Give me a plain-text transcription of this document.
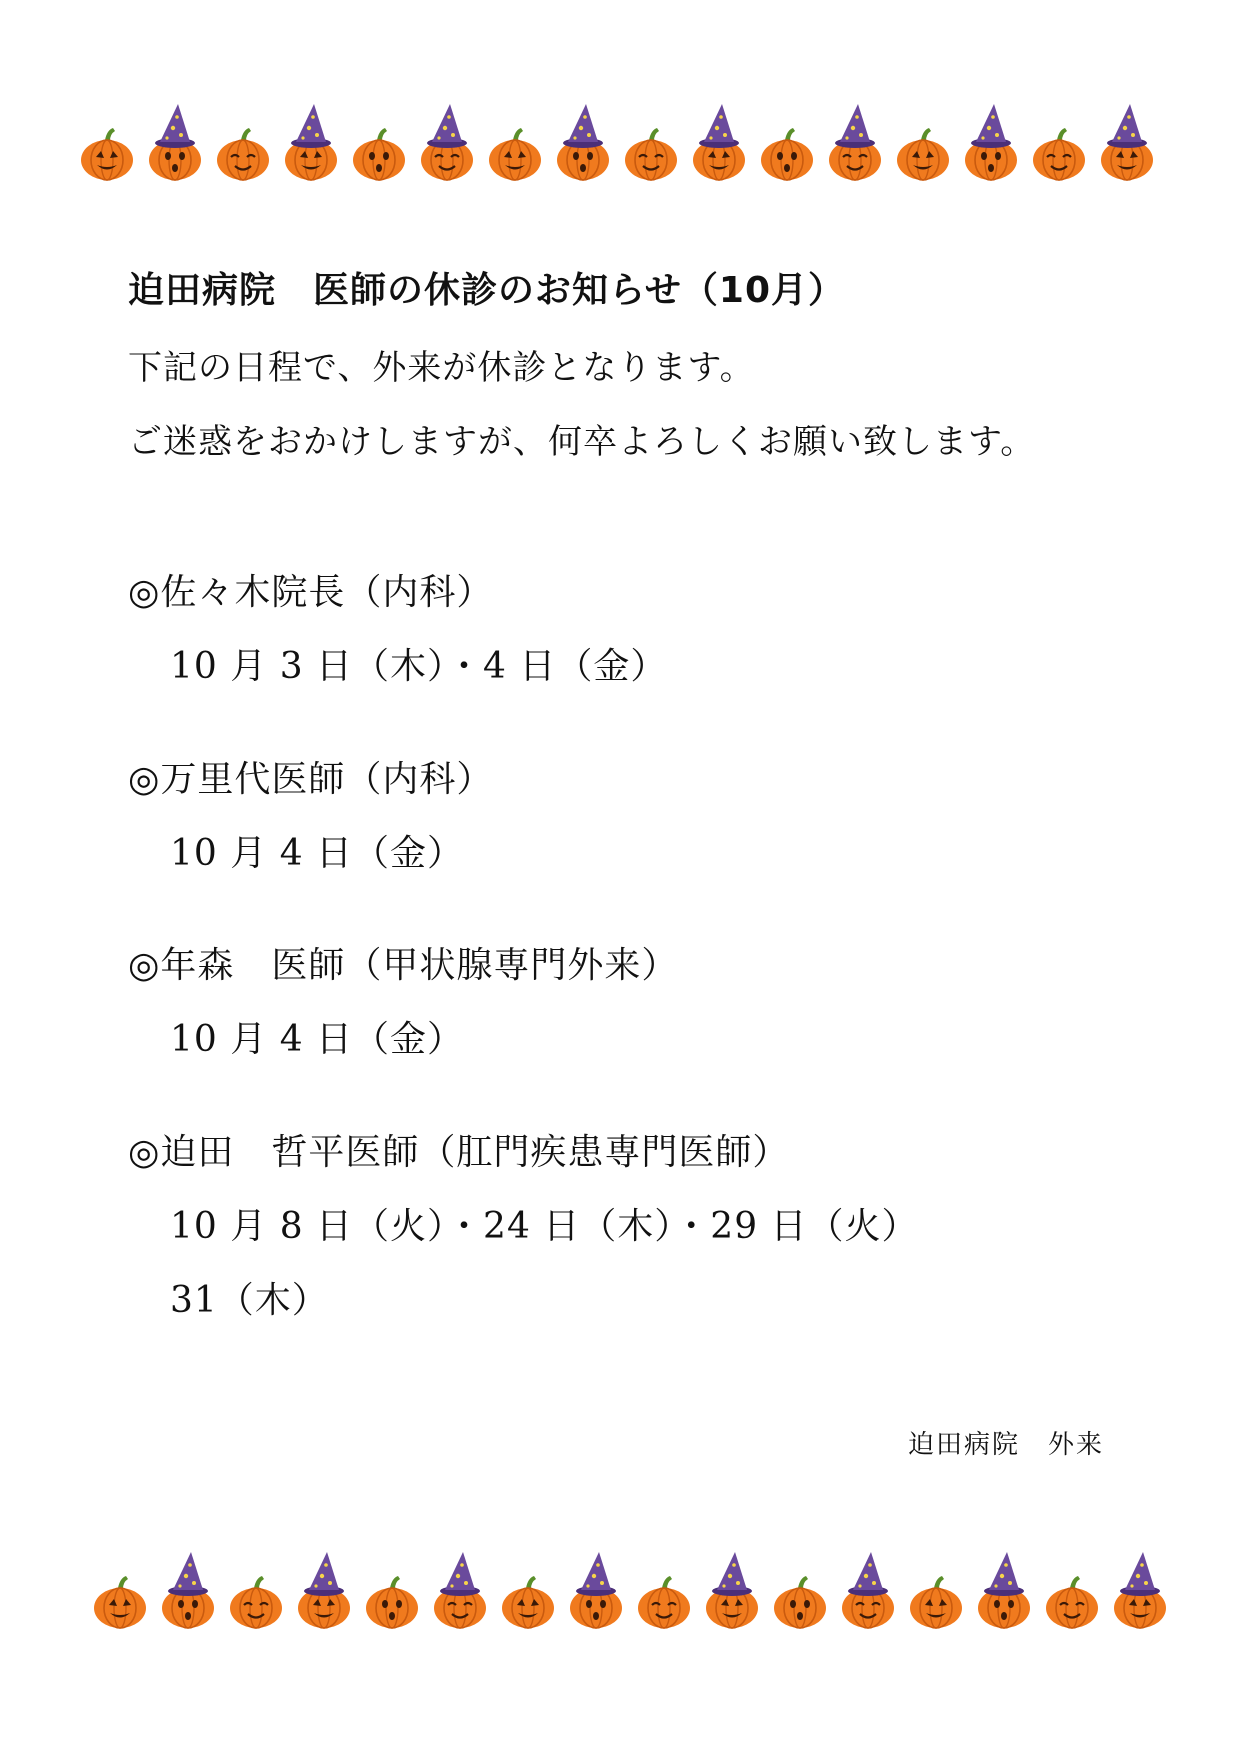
迫田病院　医師の休診のお知らせ（10月）
下記の日程で、外来が休診となります。
ご迷惑をおかけしますが、何卒よろしくお願い致します。
◎佐々木院長（内科）
10 月 3 日（木）・4 日（金）
◎万里代医師（内科）
10 月 4 日（金）
◎年森　医師（甲状腺専門外来）
10 月 4 日（金）
◎迫田　哲平医師（肛門疾患専門医師）
10 月 8 日（火）・24 日（木）・29 日（火）
31（木）
迫田病院　外来
